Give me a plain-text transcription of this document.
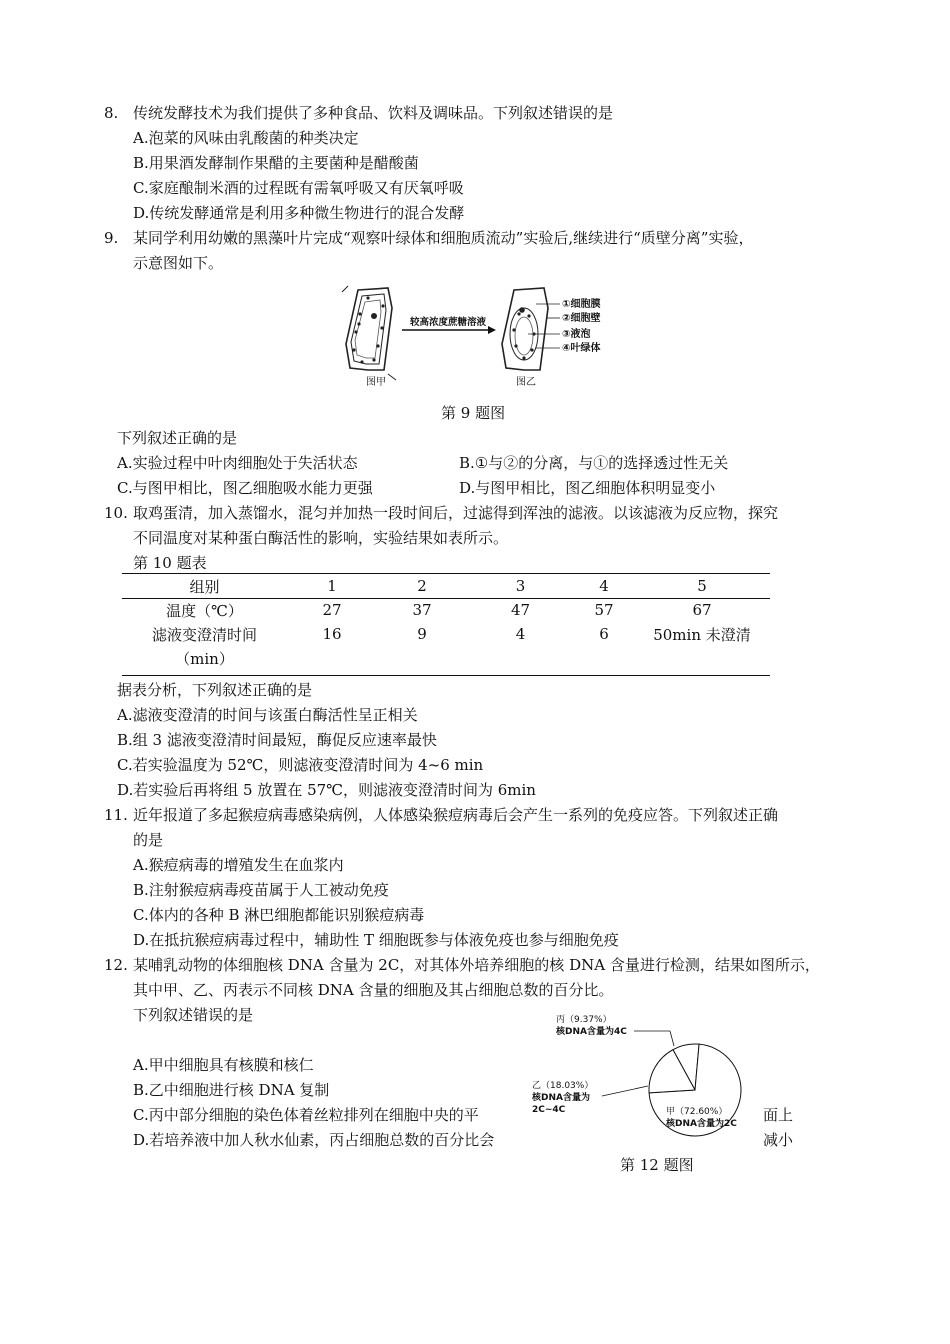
8. 传统发酵技术为我们提供了多种食品、饮料及调味品。下列叙述错误的是
A.泡菜的风味由乳酸菌的种类决定
B.用果酒发酵制作果醋的主要菌种是醋酸菌
C.家庭酿制米酒的过程既有需氧呼吸又有厌氧呼吸
D.传统发酵通常是利用多种微生物进行的混合发酵
9. 某同学利用幼嫩的黑藻叶片完成“观察叶绿体和细胞质流动”实验后,继续进行“质壁分离”实验，
示意图如下。
图甲
较高浓度蔗糖溶液
①细胞膜
②细胞壁
③液泡
④叶绿体
图乙
第 9 题图
下列叙述正确的是
A.实验过程中叶肉细胞处于失活状态	B.①与②的分离，与①的选择透过性无关
C.与图甲相比，图乙细胞吸水能力更强	D.与图甲相比，图乙细胞体积明显变小
10. 取鸡蛋清，加入蒸馏水，混匀并加热一段时间后，过滤得到浑浊的滤液。以该滤液为反应物，探究
不同温度对某种蛋白酶活性的影响，实验结果如表所示。
第 10 题表
组别	1	2	3	4	5
温度（℃）	27	37	47	57	67
滤液变澄清时间	16	9	4	6	50min 未澄清
（min）					
据表分析，下列叙述正确的是
A.滤液变澄清的时间与该蛋白酶活性呈正相关
B.组 3 滤液变澄清时间最短，酶促反应速率最快
C.若实验温度为 52℃，则滤液变澄清时间为 4~6 min
D.若实验后再将组 5 放置在 57℃，则滤液变澄清时间为 6min
11. 近年报道了多起猴痘病毒感染病例，人体感染猴痘病毒后会产生一系列的免疫应答。下列叙述正确
的是
A.猴痘病毒的增殖发生在血浆内
B.注射猴痘病毒疫苗属于人工被动免疫
C.体内的各种 B 淋巴细胞都能识别猴痘病毒
D.在抵抗猴痘病毒过程中，辅助性 T 细胞既参与体液免疫也参与细胞免疫
12. 某哺乳动物的体细胞核 DNA 含量为 2C，对其体外培养细胞的核 DNA 含量进行检测，结果如图所示，
其中甲、乙、丙表示不同核 DNA 含量的细胞及其占细胞总数的百分比。
下列叙述错误的是
A.甲中细胞具有核膜和核仁
B.乙中细胞进行核 DNA 复制
C.丙中部分细胞的染色体着丝粒排列在细胞中央的平
D.若培养液中加人秋水仙素，丙占细胞总数的百分比会
丙（9.37%）
核DNA含量为4C
乙（18.03%）
核DNA含量为
2C~4C	甲（72.60%）
核DNA含量为2C 面上
减小
第 12 题图
